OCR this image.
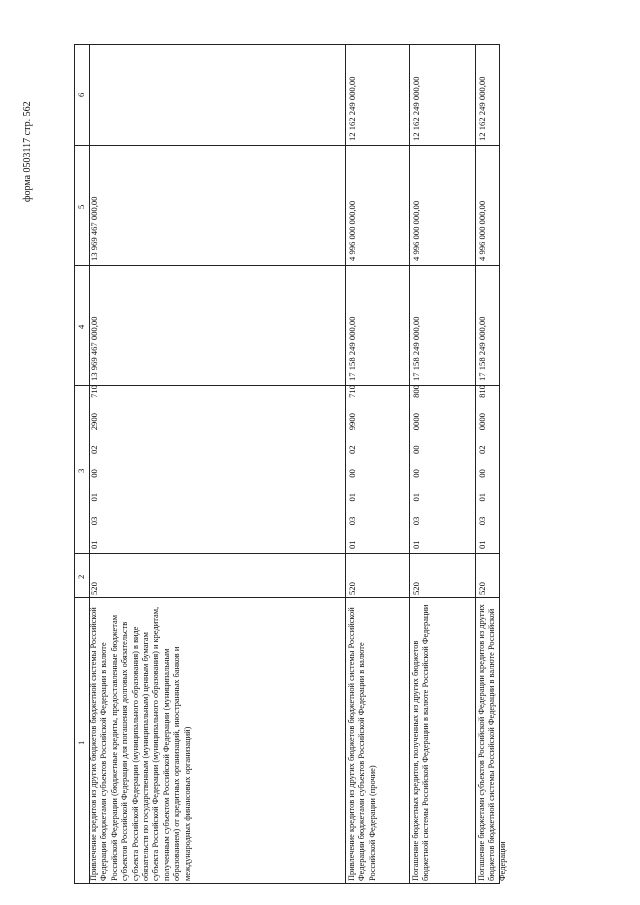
форма 0503117 стр. 562
1
2
3
4
5
6
Привлечение кредитов из других бюджетов бюджетной системы Российской Федерации бюджетами субъектов Российской Федерации в валюте Российской Федерации (бюджетные кредиты, предоставленные бюджетам субъектов Российской Федерации для погашения долговых обязательств субъекта Российской Федерации (муниципального образования) в виде обязательств по государственным (муниципальным) ценным бумагам субъекта Российской Федерации (муниципального образования) и кредитам, полученным субъектом Российской Федерации (муниципальным образованием) от кредитных организаций, иностранных банков и международных финансовых организаций)
520
01
03
01
00
02
2900
710
13 969 467 000,00
13 969 467 000,00
Привлечение кредитов из других бюджетов бюджетной системы Российской Федерации бюджетами субъектов Российской Федерации в валюте Российской Федерации (прочие)
520
01
03
01
00
02
9900
710
17 158 249 000,00
4 996 000 000,00
12 162 249 000,00
Погашение бюджетных кредитов, полученных из других бюджетов бюджетной системы Российской Федерации в валюте Российской Федерации
520
01
03
01
00
00
0000
800
17 158 249 000,00
4 996 000 000,00
12 162 249 000,00
Погашение бюджетами субъектов Российской Федерации кредитов из других бюджетов бюджетной системы Российской Федерации в валюте Российской Федерации
520
01
03
01
00
02
0000
810
17 158 249 000,00
4 996 000 000,00
12 162 249 000,00
